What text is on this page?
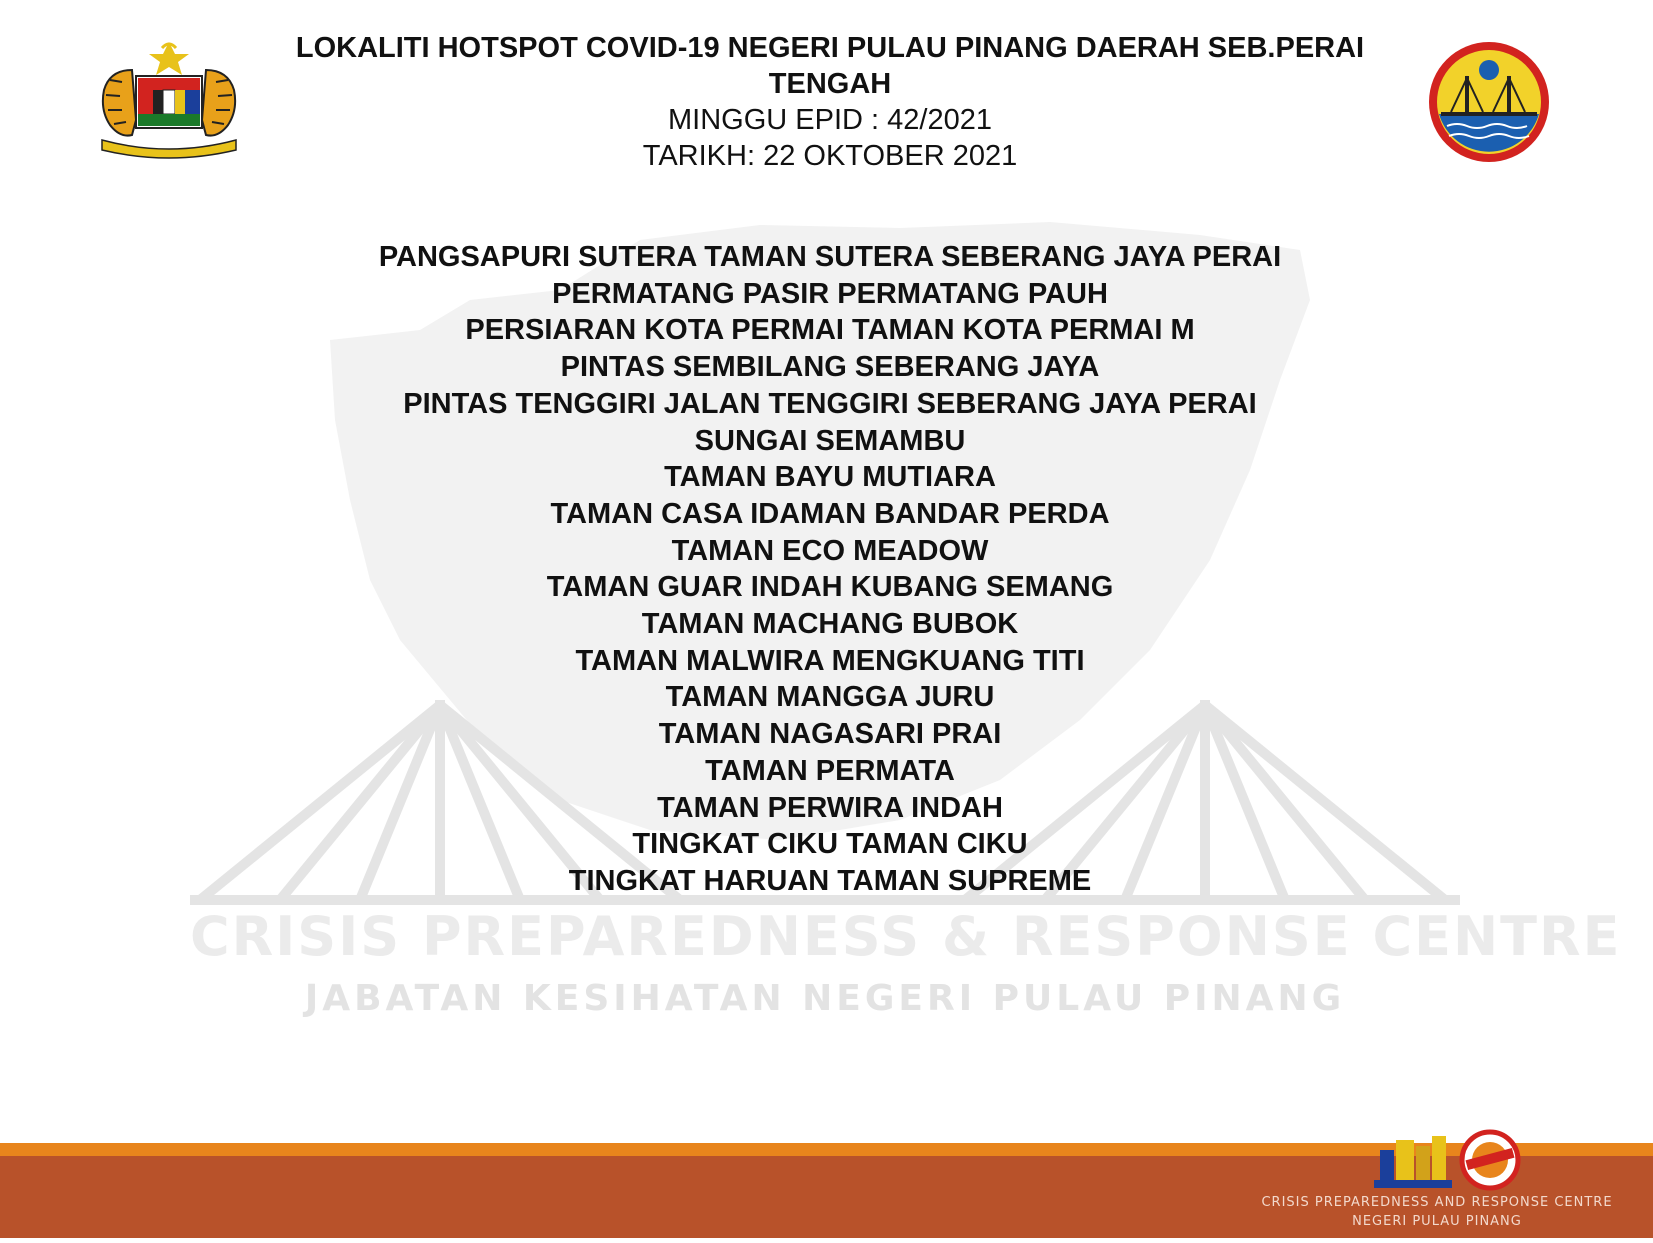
CRISIS PREPAREDNESS & RESPONSE CENTRE
JABATAN KESIHATAN NEGERI PULAU PINANG

LOKALITI HOTSPOT COVID-19 NEGERI PULAU PINANG DAERAH SEB.PERAI TENGAH

MINGGU EPID : 42/2021

TARIKH: 22 OKTOBER 2021

PANGSAPURI SUTERA TAMAN SUTERA SEBERANG JAYA PERAI
PERMATANG PASIR PERMATANG PAUH
PERSIARAN KOTA PERMAI TAMAN KOTA PERMAI M
PINTAS SEMBILANG SEBERANG JAYA
PINTAS TENGGIRI JALAN TENGGIRI SEBERANG JAYA PERAI
SUNGAI SEMAMBU
TAMAN BAYU MUTIARA
TAMAN CASA IDAMAN BANDAR PERDA
TAMAN ECO MEADOW
TAMAN GUAR INDAH KUBANG SEMANG
TAMAN MACHANG BUBOK
TAMAN MALWIRA MENGKUANG TITI
TAMAN MANGGA JURU
TAMAN NAGASARI PRAI
TAMAN PERMATA
TAMAN PERWIRA INDAH
TINGKAT CIKU TAMAN CIKU
TINGKAT HARUAN TAMAN SUPREME
CRISIS PREPAREDNESS AND RESPONSE CENTRE
NEGERI PULAU PINANG
